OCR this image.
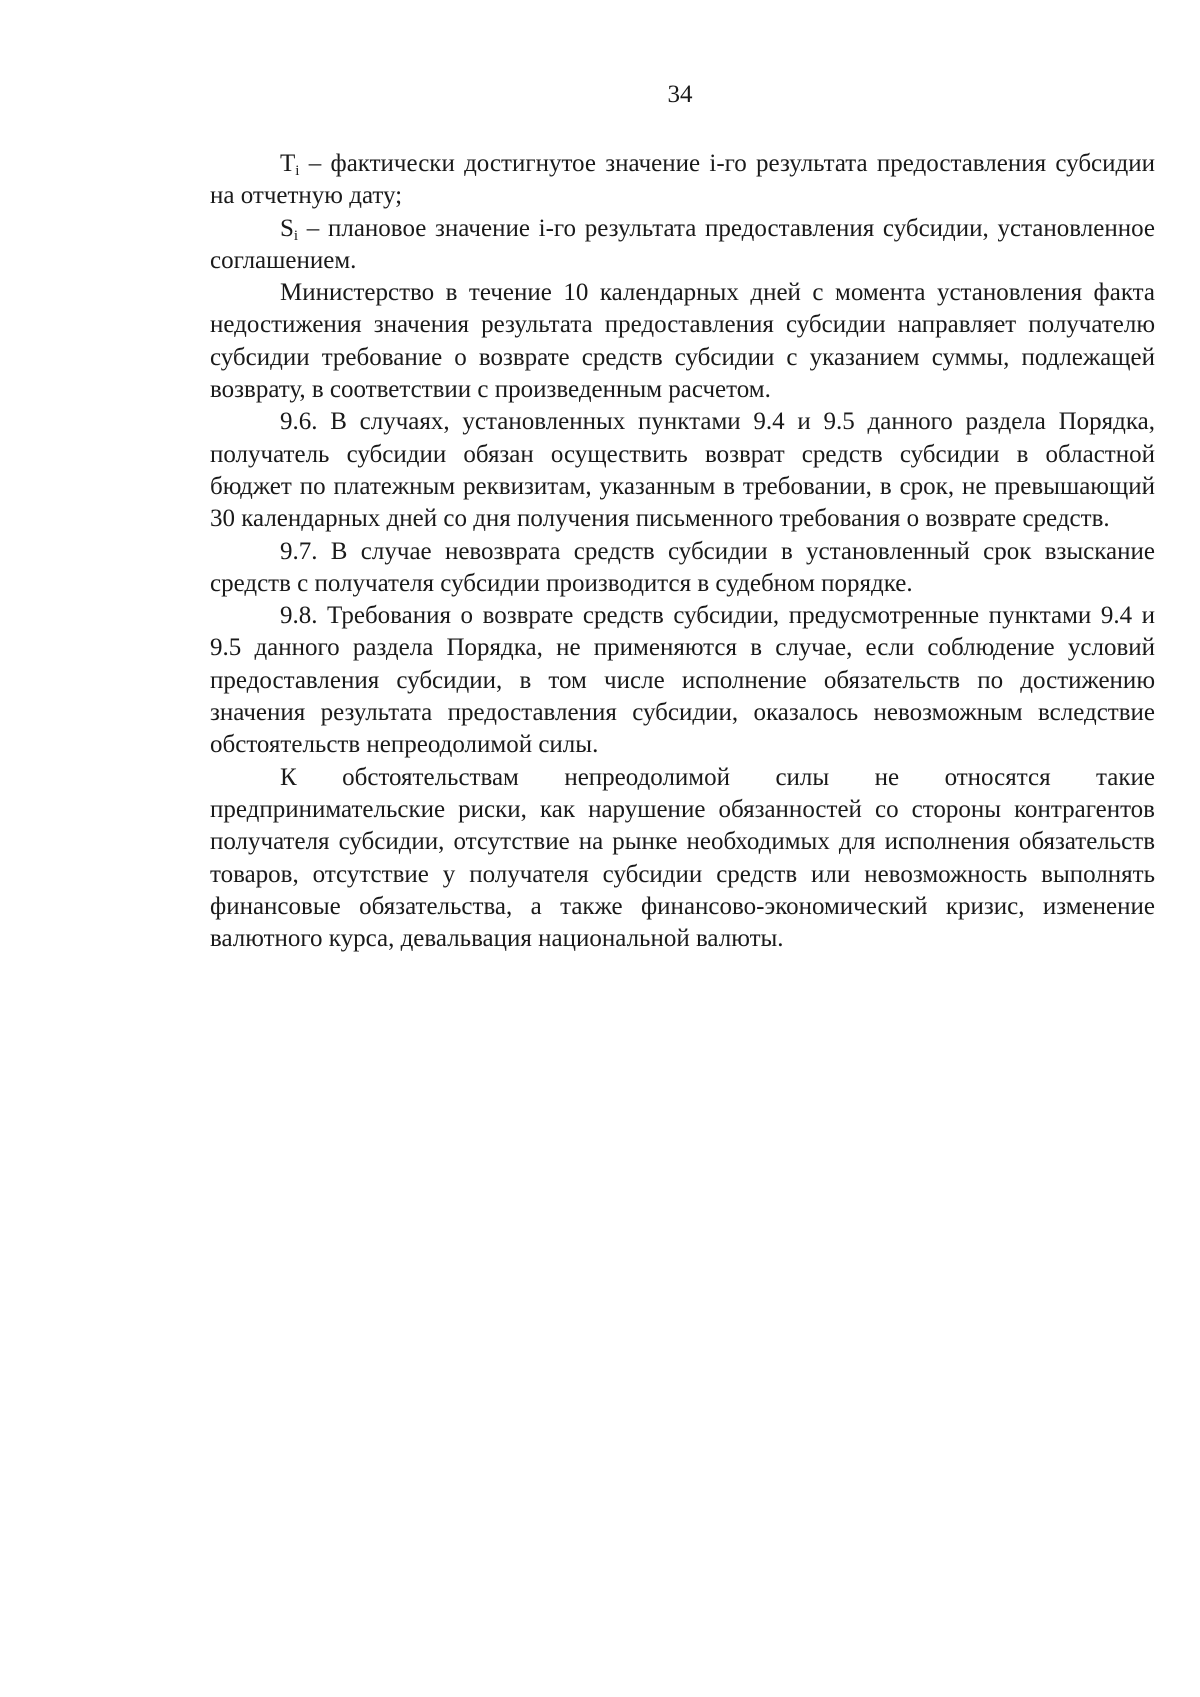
34

$T_i$ – фактически достигнутое значение i-го результата предоставления субсидии на отчетную дату;

$S_i$ – плановое значение i-го результата предоставления субсидии, установленное соглашением.

Министерство в течение 10 календарных дней с момента установления факта недостижения значения результата предоставления субсидии направляет получателю субсидии требование о возврате средств субсидии с указанием суммы, подлежащей возврату, в соответствии с произведенным расчетом.

9.6. В случаях, установленных пунктами 9.4 и 9.5 данного раздела Порядка, получатель субсидии обязан осуществить возврат средств субсидии в областной бюджет по платежным реквизитам, указанным в требовании, в срок, не превышающий 30 календарных дней со дня получения письменного требования о возврате средств.

9.7. В случае невозврата средств субсидии в установленный срок взыскание средств с получателя субсидии производится в судебном порядке.

9.8. Требования о возврате средств субсидии, предусмотренные пунктами 9.4 и 9.5 данного раздела Порядка, не применяются в случае, если соблюдение условий предоставления субсидии, в том числе исполнение обязательств по достижению значения результата предоставления субсидии, оказалось невозможным вследствие обстоятельств непреодолимой силы.

К обстоятельствам непреодолимой силы не относятся такие предпринимательские риски, как нарушение обязанностей со стороны контрагентов получателя субсидии, отсутствие на рынке необходимых для исполнения обязательств товаров, отсутствие у получателя субсидии средств или невозможность выполнять финансовые обязательства, а также финансово-экономический кризис, изменение валютного курса, девальвация национальной валюты.
